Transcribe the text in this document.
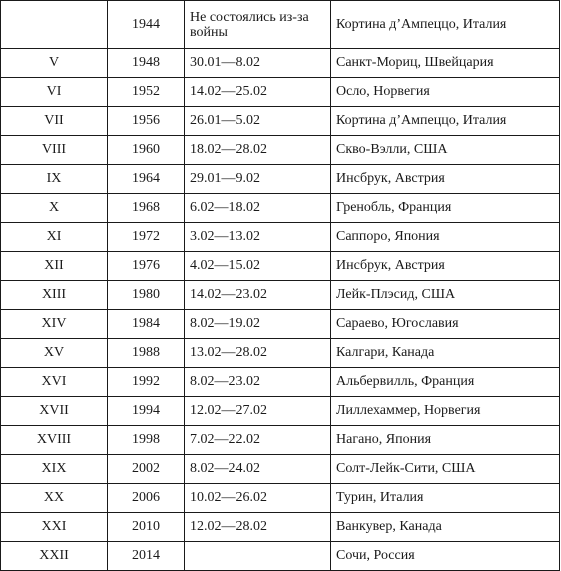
	1944	Не состоялись из-за войны	Кортина д’Ампеццо, Италия
V	1948	30.01—8.02	Санкт-Мориц, Швейцария
VI	1952	14.02—25.02	Осло, Норвегия
VII	1956	26.01—5.02	Кортина д’Ампеццо, Италия
VIII	1960	18.02—28.02	Скво-Вэлли, США
IX	1964	29.01—9.02	Инсбрук, Австрия
X	1968	6.02—18.02	Гренобль, Франция
XI	1972	3.02—13.02	Саппоро, Япония
XII	1976	4.02—15.02	Инсбрук, Австрия
XIII	1980	14.02—23.02	Лейк-Плэсид, США
XIV	1984	8.02—19.02	Сараево, Югославия
XV	1988	13.02—28.02	Калгари, Канада
XVI	1992	8.02—23.02	Альбервилль, Франция
XVII	1994	12.02—27.02	Лиллехаммер, Норвегия
XVIII	1998	7.02—22.02	Нагано, Япония
XIX	2002	8.02—24.02	Солт-Лейк-Сити, США
XX	2006	10.02—26.02	Турин, Италия
XXI	2010	12.02—28.02	Ванкувер, Канада
XXII	2014		Сочи, Россия
